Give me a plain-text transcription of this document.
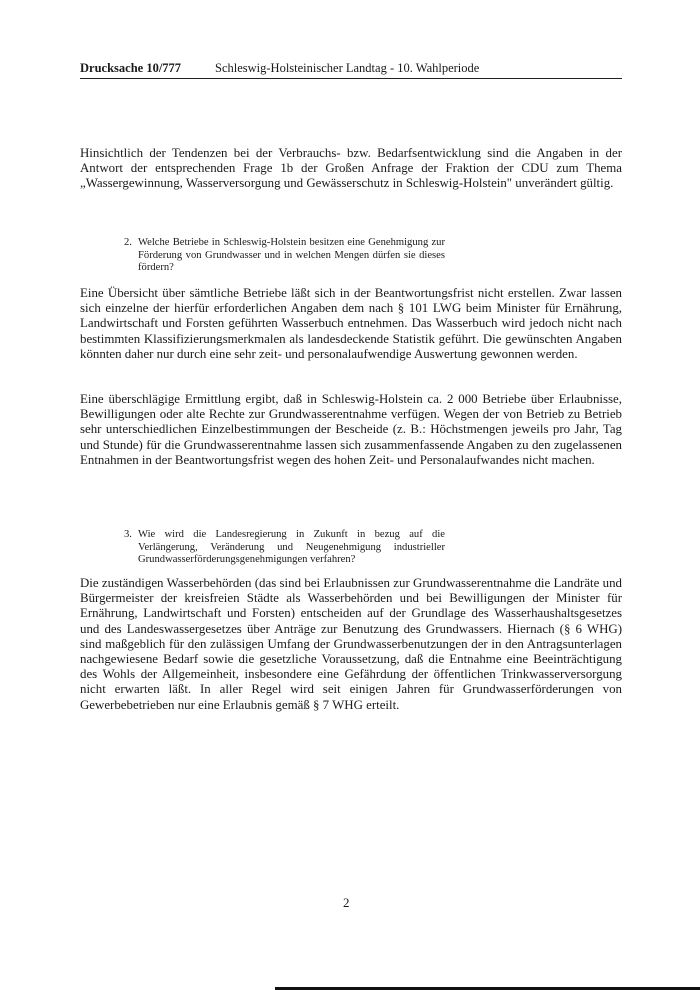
Drucksache 10/777	Schleswig-Holsteinischer Landtag - 10. Wahlperiode

Hinsichtlich der Tendenzen bei der Verbrauchs- bzw. Bedarfsentwicklung sind die Angaben in der Antwort der entsprechenden Frage 1b der Großen Anfrage der Fraktion der CDU zum Thema „Wassergewinnung, Wasserversorgung und Gewässerschutz in Schleswig-Holstein" unverändert gültig.

2. Welche Betriebe in Schleswig-Holstein besitzen eine Genehmigung zur Förderung von Grundwasser und in welchen Mengen dürfen sie dieses fördern?

Eine Übersicht über sämtliche Betriebe läßt sich in der Beantwortungsfrist nicht erstellen. Zwar lassen sich einzelne der hierfür erforderlichen Angaben dem nach § 101 LWG beim Minister für Ernährung, Landwirtschaft und Forsten geführten Wasserbuch entnehmen. Das Wasserbuch wird jedoch nicht nach bestimmten Klassifizierungsmerkmalen als landesdeckende Statistik geführt. Die gewünschten Angaben könnten daher nur durch eine sehr zeit- und personalaufwendige Auswertung gewonnen werden.

Eine überschlägige Ermittlung ergibt, daß in Schleswig-Holstein ca. 2 000 Betriebe über Erlaubnisse, Bewilligungen oder alte Rechte zur Grundwasserentnahme verfügen. Wegen der von Betrieb zu Betrieb sehr unterschiedlichen Einzelbestimmungen der Bescheide (z. B.: Höchstmengen jeweils pro Jahr, Tag und Stunde) für die Grundwasserentnahme lassen sich zusammenfassende Angaben zu den zugelassenen Entnahmen in der Beantwortungsfrist wegen des hohen Zeit- und Personalaufwandes nicht machen.

3. Wie wird die Landesregierung in Zukunft in bezug auf die Verlängerung, Veränderung und Neugenehmigung industrieller Grundwasserförderungsgenehmigungen verfahren?

Die zuständigen Wasserbehörden (das sind bei Erlaubnissen zur Grundwasserentnahme die Landräte und Bürgermeister der kreisfreien Städte als Wasserbehörden und bei Bewilligungen der Minister für Ernährung, Landwirtschaft und Forsten) entscheiden auf der Grundlage des Wasserhaushaltsgesetzes und des Landeswassergesetzes über Anträge zur Benutzung des Grundwassers. Hiernach (§ 6 WHG) sind maßgeblich für den zulässigen Umfang der Grundwasserbenutzungen der in den Antragsunterlagen nachgewiesene Bedarf sowie die gesetzliche Voraussetzung, daß die Entnahme eine Beeinträchtigung des Wohls der Allgemeinheit, insbesondere eine Gefährdung der öffentlichen Trinkwasserversorgung nicht erwarten läßt. In aller Regel wird seit einigen Jahren für Grundwasserförderungen von Gewerbebetrieben nur eine Erlaubnis gemäß § 7 WHG erteilt.

2
